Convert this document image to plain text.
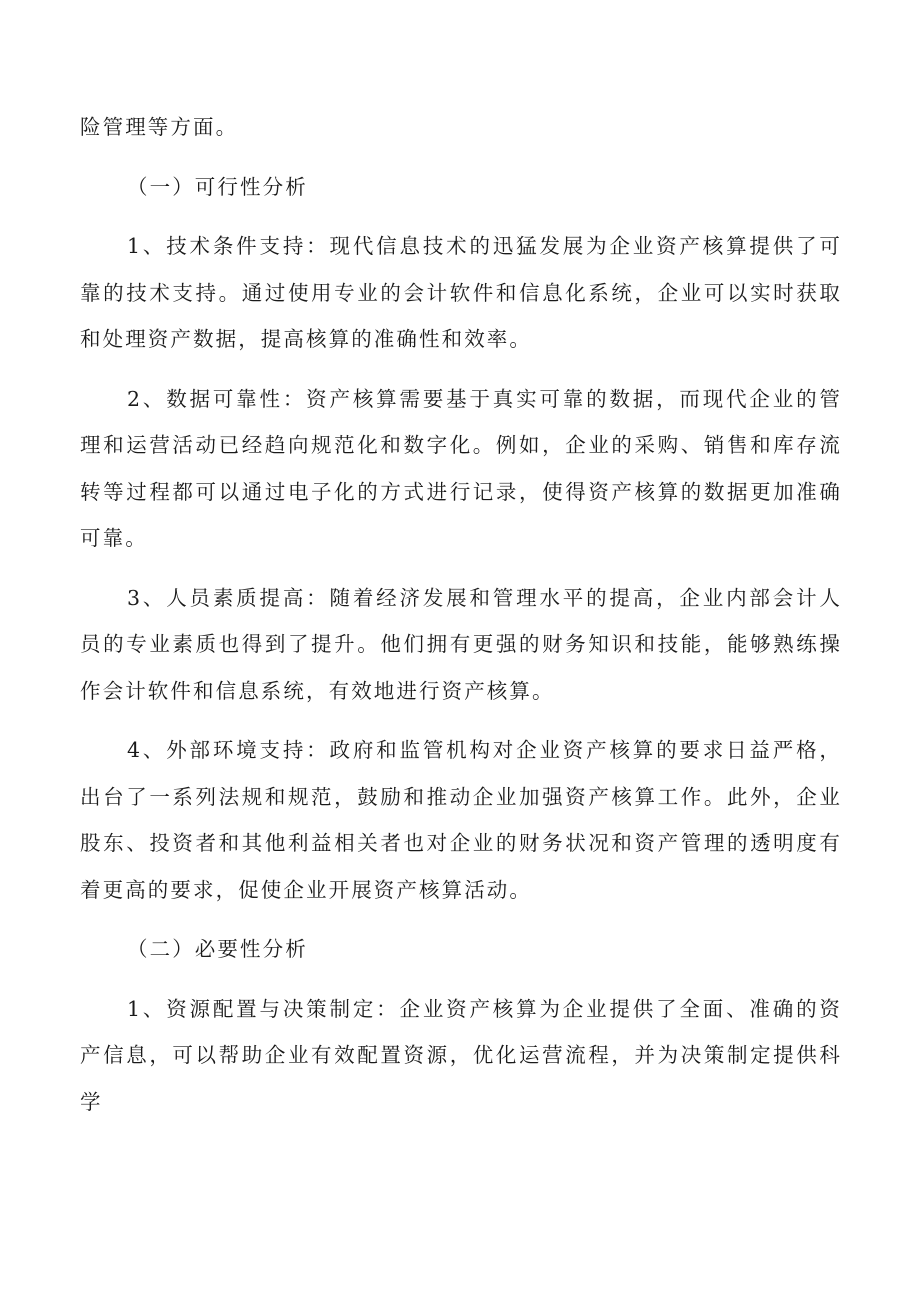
险管理等方面。

（一）可行性分析

1、技术条件支持：现代信息技术的迅猛发展为企业资产核算提供了可靠的技术支持。通过使用专业的会计软件和信息化系统，企业可以实时获取和处理资产数据，提高核算的准确性和效率。

2、数据可靠性：资产核算需要基于真实可靠的数据，而现代企业的管理和运营活动已经趋向规范化和数字化。例如，企业的采购、销售和库存流转等过程都可以通过电子化的方式进行记录，使得资产核算的数据更加准确可靠。

3、人员素质提高：随着经济发展和管理水平的提高，企业内部会计人员的专业素质也得到了提升。他们拥有更强的财务知识和技能，能够熟练操作会计软件和信息系统，有效地进行资产核算。

4、外部环境支持：政府和监管机构对企业资产核算的要求日益严格，出台了一系列法规和规范，鼓励和推动企业加强资产核算工作。此外，企业股东、投资者和其他利益相关者也对企业的财务状况和资产管理的透明度有着更高的要求，促使企业开展资产核算活动。

（二）必要性分析

1、资源配置与决策制定：企业资产核算为企业提供了全面、准确的资产信息，可以帮助企业有效配置资源，优化运营流程，并为决策制定提供科学
